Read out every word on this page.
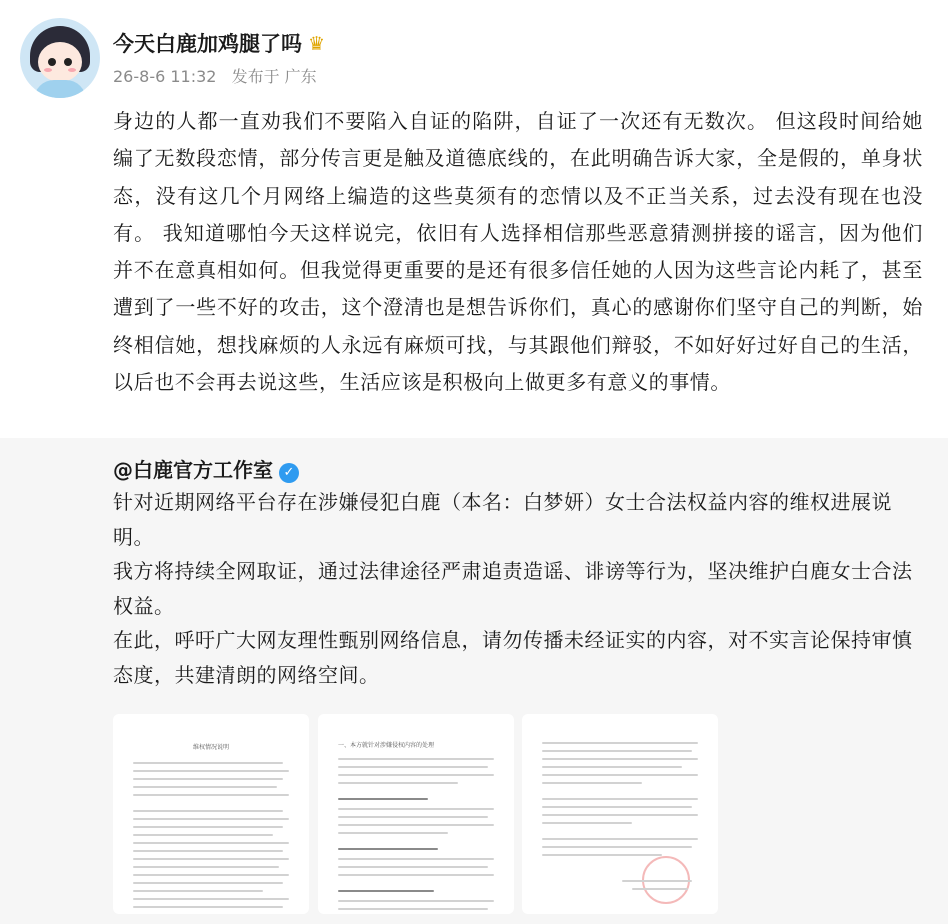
今天白鹿加鸡腿了吗 ♛
26-8-6 11:32 发布于 广东
身边的人都一直劝我们不要陷入自证的陷阱，自证了一次还有无数次。 但这段时间给她编了无数段恋情，部分传言更是触及道德底线的，在此明确告诉大家，全是假的，单身状态，没有这几个月网络上编造的这些莫须有的恋情以及不正当关系，过去没有现在也没有。 我知道哪怕今天这样说完，依旧有人选择相信那些恶意猜测拼接的谣言，因为他们并不在意真相如何。但我觉得更重要的是还有很多信任她的人因为这些言论内耗了，甚至遭到了一些不好的攻击，这个澄清也是想告诉你们，真心的感谢你们坚守自己的判断，始终相信她，想找麻烦的人永远有麻烦可找，与其跟他们辩驳，不如好好过好自己的生活，以后也不会再去说这些，生活应该是积极向上做更多有意义的事情。
@白鹿官方工作室 ✓

针对近期网络平台存在涉嫌侵犯白鹿（本名：白梦妍）女士合法权益内容的维权进展说明。

我方将持续全网取证，通过法律途径严肃追责造谣、诽谤等行为，坚决维护白鹿女士合法权益。

在此，呼吁广大网友理性甄别网络信息，请勿传播未经证实的内容，对不实言论保持审慎态度，共建清朗的网络空间。

维权情况说明	一、本方就针对涉嫌侵权内容的处理
